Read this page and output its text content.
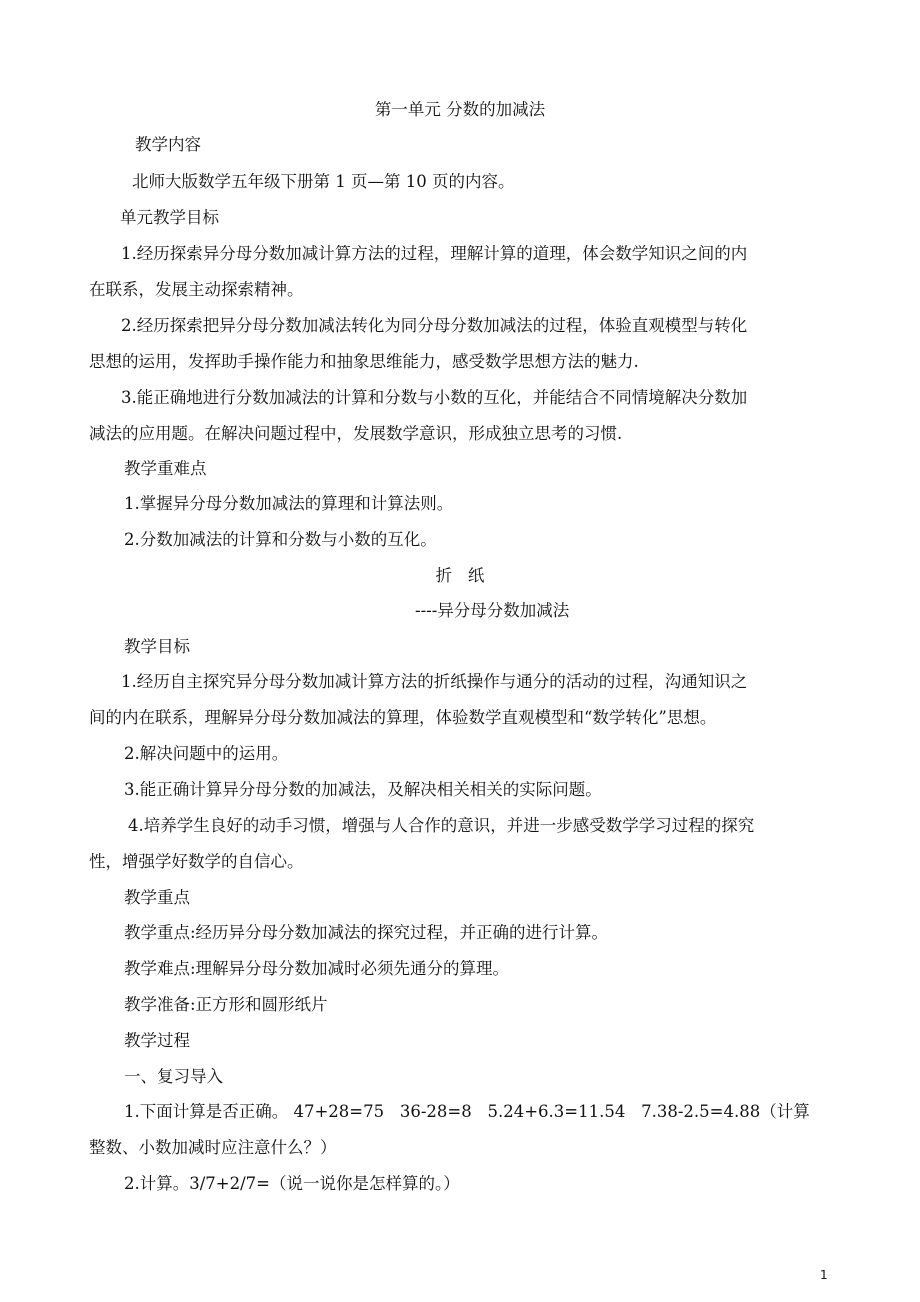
第一单元 分数的加减法
教学内容
北师大版数学五年级下册第 1 页—第 10 页的内容。
单元教学目标
1.经历探索异分母分数加减计算方法的过程，理解计算的道理，体会数学知识之间的内
在联系，发展主动探索精神。
2.经历探索把异分母分数加减法转化为同分母分数加减法的过程，体验直观模型与转化
思想的运用，发挥助手操作能力和抽象思维能力，感受数学思想方法的魅力.
3.能正确地进行分数加减法的计算和分数与小数的互化，并能结合不同情境解决分数加
减法的应用题。在解决问题过程中，发展数学意识，形成独立思考的习惯.
教学重难点
1.掌握异分母分数加减法的算理和计算法则。
2.分数加减法的计算和分数与小数的互化。
折   纸
----异分母分数加减法
教学目标
1.经历自主探究异分母分数加减计算方法的折纸操作与通分的活动的过程，沟通知识之
间的内在联系，理解异分母分数加减法的算理，体验数学直观模型和“数学转化”思想。
2.解决问题中的运用。
3.能正确计算异分母分数的加减法，及解决相关相关的实际问题。
4.培养学生良好的动手习惯，增强与人合作的意识，并进一步感受数学学习过程的探究
性，增强学好数学的自信心。
教学重点
教学重点:经历异分母分数加减法的探究过程，并正确的进行计算。
教学难点:理解异分母分数加减时必须先通分的算理。
教学准备:正方形和圆形纸片
教学过程
一、复习导入
1.下面计算是否正确。 47+28=75   36-28=8   5.24+6.3=11.54   7.38-2.5=4.88（计算
整数、小数加减时应注意什么？）
2.计算。3/7+2/7=（说一说你是怎样算的。）
1
